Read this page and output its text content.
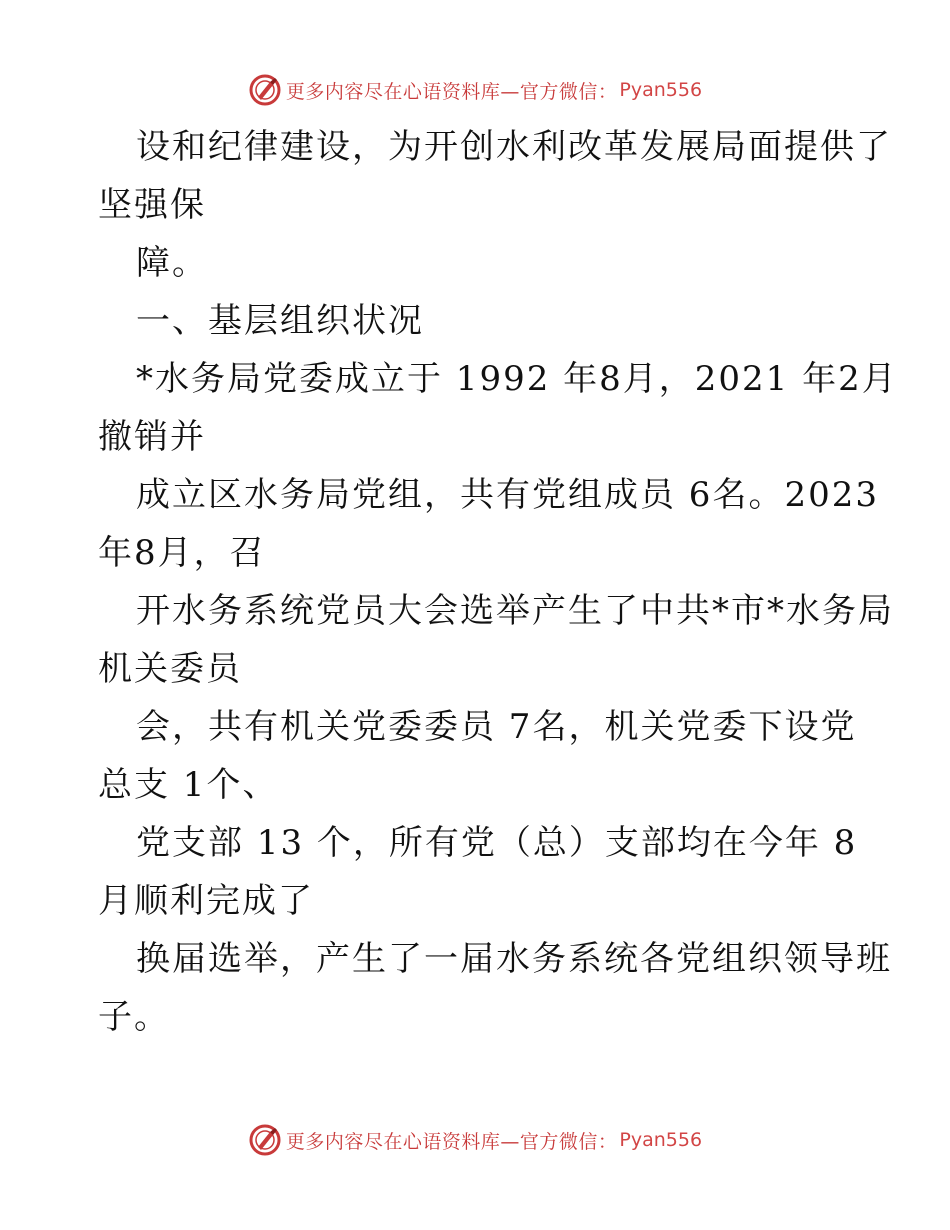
更多内容尽在心语资料库—官方微信： Pyan556
设和纪律建设，为开创水利改革发展局面提供了
坚强保
障。
一、基层组织状况
*水务局党委成立于 1992 年8月，2021 年2月
撤销并
成立区水务局党组，共有党组成员 6名。2023
年8月，召
开水务系统党员大会选举产生了中共*市*水务局
机关委员
会，共有机关党委委员 7名，机关党委下设党
总支 1个、
党支部 13 个，所有党（总）支部均在今年 8
月顺利完成了
换届选举，产生了一届水务系统各党组织领导班
子。
更多内容尽在心语资料库—官方微信： Pyan556
